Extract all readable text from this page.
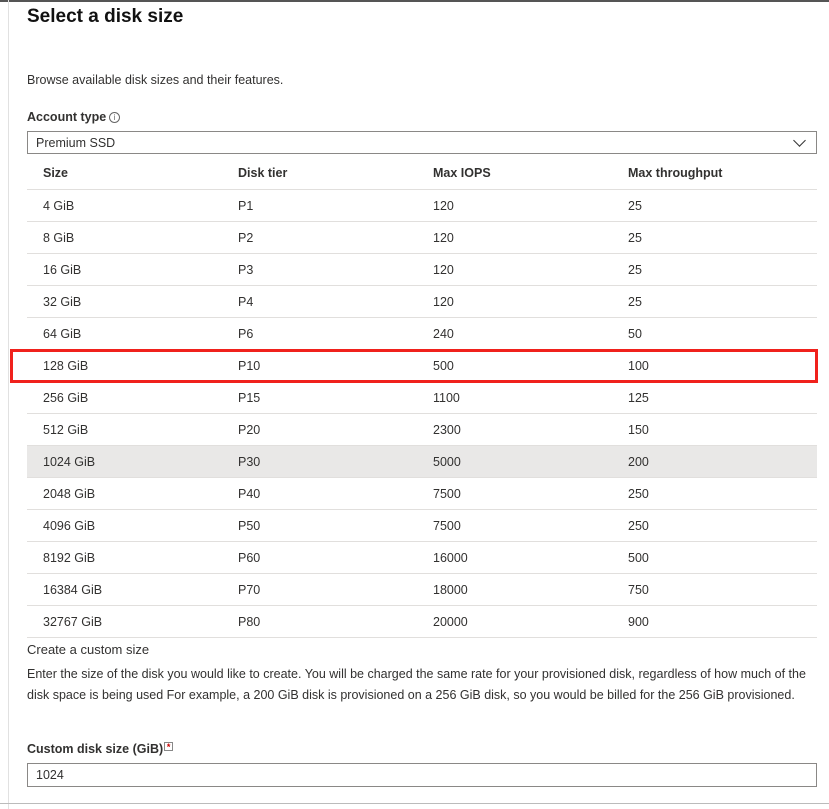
Select a disk size
Browse available disk sizes and their features.
Account type i
Premium SSD
Size	Disk tier	Max IOPS	Max throughput
4 GiB	P1	120	25
8 GiB	P2	120	25
16 GiB	P3	120	25
32 GiB	P4	120	25
64 GiB	P6	240	50
128 GiB	P10	500	100
256 GiB	P15	1100	125
512 GiB	P20	2300	150
1024 GiB	P30	5000	200
2048 GiB	P40	7500	250
4096 GiB	P50	7500	250
8192 GiB	P60	16000	500
16384 GiB	P70	18000	750
32767 GiB	P80	20000	900
Create a custom size
Enter the size of the disk you would like to create. You will be charged the same rate for your provisioned disk, regardless of how much of the disk space is being used For example, a 200 GiB disk is provisioned on a 256 GiB disk, so you would be billed for the 256 GiB provisioned.
Custom disk size (GiB) *
1024
